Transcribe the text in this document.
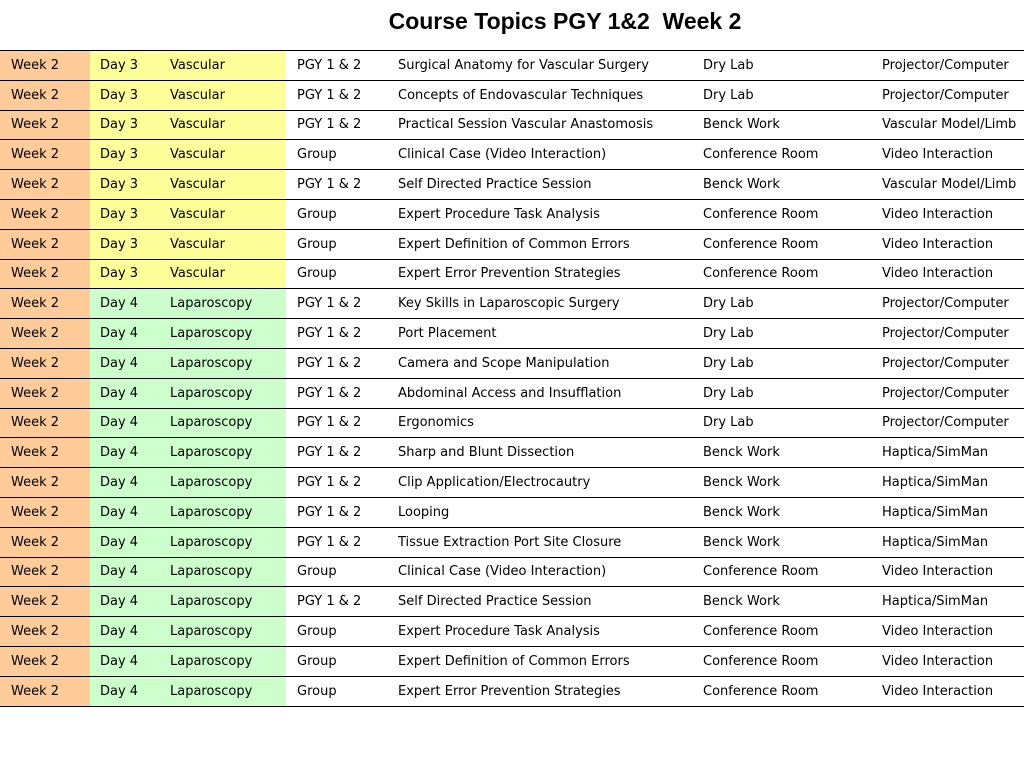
Course Topics PGY 1&2  Week 2
Week 2	Day 3	Vascular	PGY 1 & 2	Surgical Anatomy for Vascular Surgery	Dry Lab	Projector/Computer
Week 2	Day 3	Vascular	PGY 1 & 2	Concepts of Endovascular Techniques	Dry Lab	Projector/Computer
Week 2	Day 3	Vascular	PGY 1 & 2	Practical Session Vascular Anastomosis	Benck Work	Vascular Model/Limb
Week 2	Day 3	Vascular	Group	Clinical Case (Video Interaction)	Conference Room	Video Interaction
Week 2	Day 3	Vascular	PGY 1 & 2	Self Directed Practice Session	Benck Work	Vascular Model/Limb
Week 2	Day 3	Vascular	Group	Expert Procedure Task Analysis	Conference Room	Video Interaction
Week 2	Day 3	Vascular	Group	Expert Definition of Common Errors	Conference Room	Video Interaction
Week 2	Day 3	Vascular	Group	Expert Error Prevention Strategies	Conference Room	Video Interaction
Week 2	Day 4	Laparoscopy	PGY 1 & 2	Key Skills in Laparoscopic Surgery	Dry Lab	Projector/Computer
Week 2	Day 4	Laparoscopy	PGY 1 & 2	Port Placement	Dry Lab	Projector/Computer
Week 2	Day 4	Laparoscopy	PGY 1 & 2	Camera and Scope Manipulation	Dry Lab	Projector/Computer
Week 2	Day 4	Laparoscopy	PGY 1 & 2	Abdominal Access and Insufflation	Dry Lab	Projector/Computer
Week 2	Day 4	Laparoscopy	PGY 1 & 2	Ergonomics	Dry Lab	Projector/Computer
Week 2	Day 4	Laparoscopy	PGY 1 & 2	Sharp and Blunt Dissection	Benck Work	Haptica/SimMan
Week 2	Day 4	Laparoscopy	PGY 1 & 2	Clip Application/Electrocautry	Benck Work	Haptica/SimMan
Week 2	Day 4	Laparoscopy	PGY 1 & 2	Looping	Benck Work	Haptica/SimMan
Week 2	Day 4	Laparoscopy	PGY 1 & 2	Tissue Extraction Port Site Closure	Benck Work	Haptica/SimMan
Week 2	Day 4	Laparoscopy	Group	Clinical Case (Video Interaction)	Conference Room	Video Interaction
Week 2	Day 4	Laparoscopy	PGY 1 & 2	Self Directed Practice Session	Benck Work	Haptica/SimMan
Week 2	Day 4	Laparoscopy	Group	Expert Procedure Task Analysis	Conference Room	Video Interaction
Week 2	Day 4	Laparoscopy	Group	Expert Definition of Common Errors	Conference Room	Video Interaction
Week 2	Day 4	Laparoscopy	Group	Expert Error Prevention Strategies	Conference Room	Video Interaction
